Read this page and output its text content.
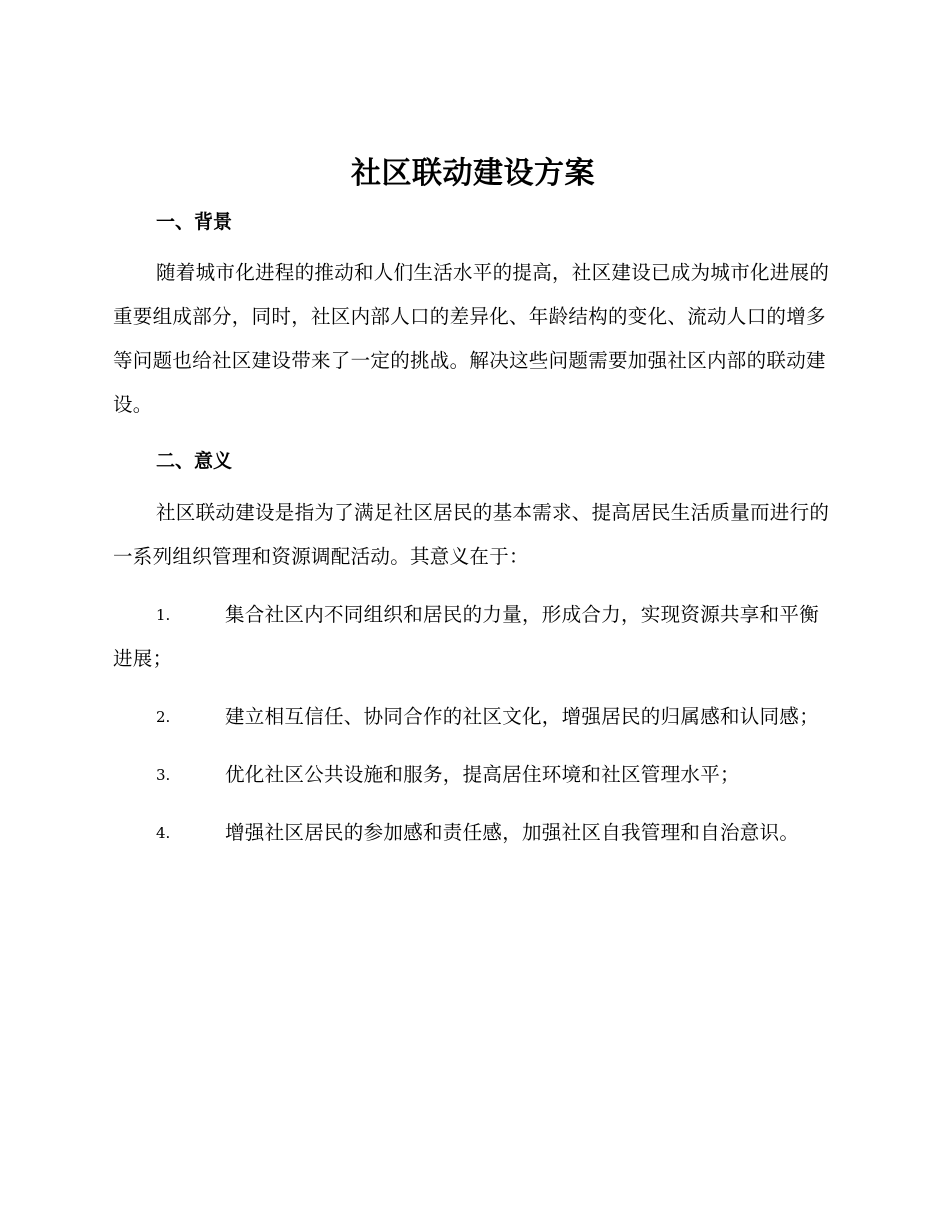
社区联动建设方案
一、背景

随着城市化进程的推动和人们生活水平的提高，社区建设已成为城市化进展的重要组成部分，同时，社区内部人口的差异化、年龄结构的变化、流动人口的增多等问题也给社区建设带来了一定的挑战。解决这些问题需要加强社区内部的联动建设。

二、意义

社区联动建设是指为了满足社区居民的基本需求、提高居民生活质量而进行的一系列组织管理和资源调配活动。其意义在于：

1.	集合社区内不同组织和居民的力量，形成合力，实现资源共享和平衡进展；

2.	建立相互信任、协同合作的社区文化，增强居民的归属感和认同感；

3.	优化社区公共设施和服务，提高居住环境和社区管理水平；

4.	增强社区居民的参加感和责任感，加强社区自我管理和自治意识。
